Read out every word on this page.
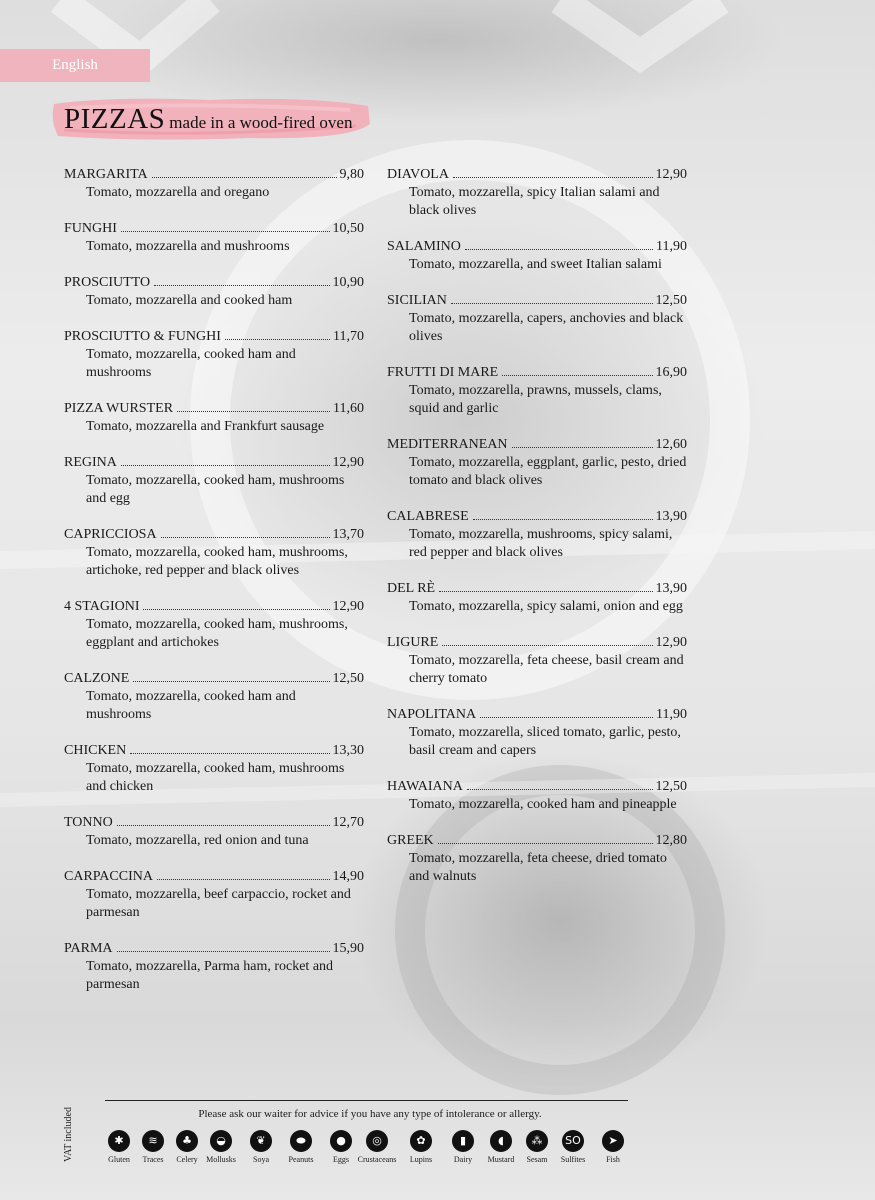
English
PIZZAS made in a wood-fired oven
MARGARITA	9,80
Tomato, mozzarella and oregano
FUNGHI	10,50
Tomato, mozzarella and mushrooms
PROSCIUTTO	10,90
Tomato, mozzarella and cooked ham
PROSCIUTTO & FUNGHI	11,70
Tomato, mozzarella, cooked ham and mushrooms
PIZZA WURSTER	11,60
Tomato, mozzarella and Frankfurt sausage
REGINA	12,90
Tomato, mozzarella, cooked ham, mushrooms and egg
CAPRICCIOSA	13,70
Tomato, mozzarella, cooked ham, mushrooms, artichoke, red pepper and black olives
4 STAGIONI	12,90
Tomato, mozzarella, cooked ham, mushrooms, eggplant and artichokes
CALZONE	12,50
Tomato, mozzarella, cooked ham and mushrooms
CHICKEN	13,30
Tomato, mozzarella, cooked ham, mushrooms and chicken
TONNO	12,70
Tomato, mozzarella, red onion and tuna
CARPACCINA	14,90
Tomato, mozzarella, beef carpaccio, rocket and parmesan
PARMA	15,90
Tomato, mozzarella, Parma ham, rocket and parmesan
DIAVOLA	12,90
Tomato, mozzarella, spicy Italian salami and black olives
SALAMINO	11,90
Tomato, mozzarella, and sweet Italian salami
SICILIAN	12,50
Tomato, mozzarella, capers, anchovies and black olives
FRUTTI DI MARE	16,90
Tomato, mozzarella, prawns, mussels, clams, squid and garlic
MEDITERRANEAN	12,60
Tomato, mozzarella, eggplant, garlic, pesto, dried tomato and black olives
CALABRESE	13,90
Tomato, mozzarella, mushrooms, spicy salami, red pepper and black olives
DEL RÈ	13,90
Tomato, mozzarella, spicy salami, onion and egg
LIGURE	12,90
Tomato, mozzarella, feta cheese, basil cream and cherry tomato
NAPOLITANA	11,90
Tomato, mozzarella, sliced tomato, garlic, pesto, basil cream and capers
HAWAIANA	12,50
Tomato, mozzarella, cooked ham and pineapple
GREEK	12,80
Tomato, mozzarella, feta cheese, dried tomato and walnuts
VAT included	Please ask our waiter for advice if you have any type of intolerance or allergy.
✱
Gluten
≋
Traces
♣
Celery
◒
Mollusks
❦
Soya
⬬
Peanuts
●
Eggs
◎
Crustaceans
✿
Lupins
▮
Dairy
◖
Mustard
⁂
Sesam
SO
Sulfites
➤
Fish
